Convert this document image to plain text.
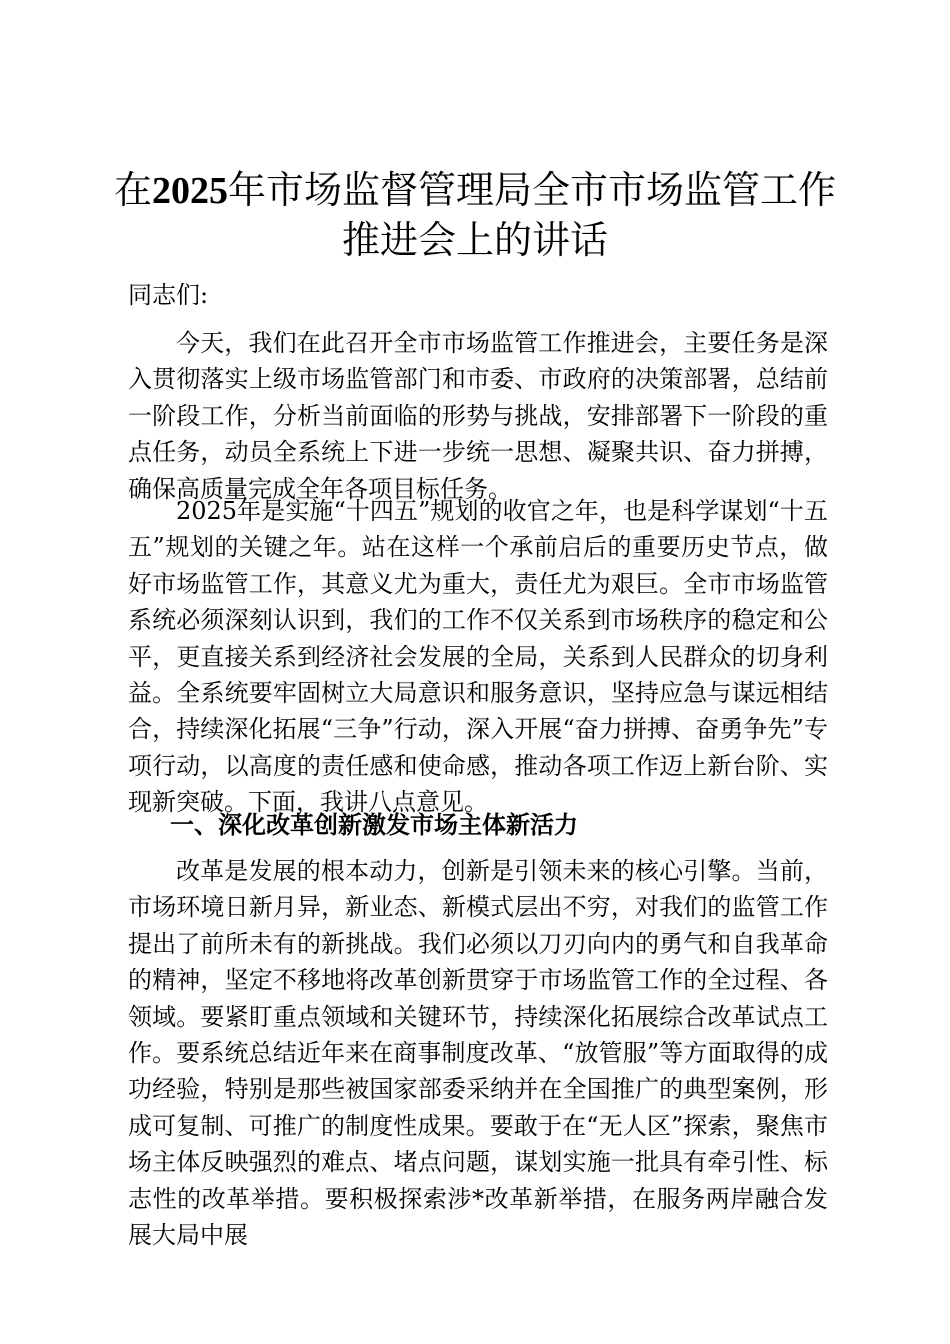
在2025年市场监督管理局全市市场监管工作
推进会上的讲话
同志们:
今天，我们在此召开全市市场监管工作推进会，主要任务是深入贯彻落实上级市场监管部门和市委、市政府的决策部署，总结前一阶段工作，分析当前面临的形势与挑战，安排部署下一阶段的重点任务，动员全系统上下进一步统一思想、凝聚共识、奋力拼搏，确保高质量完成全年各项目标任务。
2025年是实施“十四五”规划的收官之年，也是科学谋划“十五五”规划的关键之年。站在这样一个承前启后的重要历史节点，做好市场监管工作，其意义尤为重大，责任尤为艰巨。全市市场监管系统必须深刻认识到，我们的工作不仅关系到市场秩序的稳定和公平，更直接关系到经济社会发展的全局，关系到人民群众的切身利益。全系统要牢固树立大局意识和服务意识，坚持应急与谋远相结合，持续深化拓展“三争”行动，深入开展“奋力拼搏、奋勇争先”专项行动，以高度的责任感和使命感，推动各项工作迈上新台阶、实现新突破。下面，我讲八点意见。
一、深化改革创新激发市场主体新活力
改革是发展的根本动力，创新是引领未来的核心引擎。当前，市场环境日新月异，新业态、新模式层出不穷，对我们的监管工作提出了前所未有的新挑战。我们必须以刀刃向内的勇气和自我革命的精神，坚定不移地将改革创新贯穿于市场监管工作的全过程、各领域。要紧盯重点领域和关键环节，持续深化拓展综合改革试点工作。要系统总结近年来在商事制度改革、“放管服”等方面取得的成功经验，特别是那些被国家部委采纳并在全国推广的典型案例，形成可复制、可推广的制度性成果。要敢于在“无人区”探索，聚焦市场主体反映强烈的难点、堵点问题，谋划实施一批具有牵引性、标志性的改革举措。要积极探索涉*改革新举措，在服务两岸融合发展大局中展
